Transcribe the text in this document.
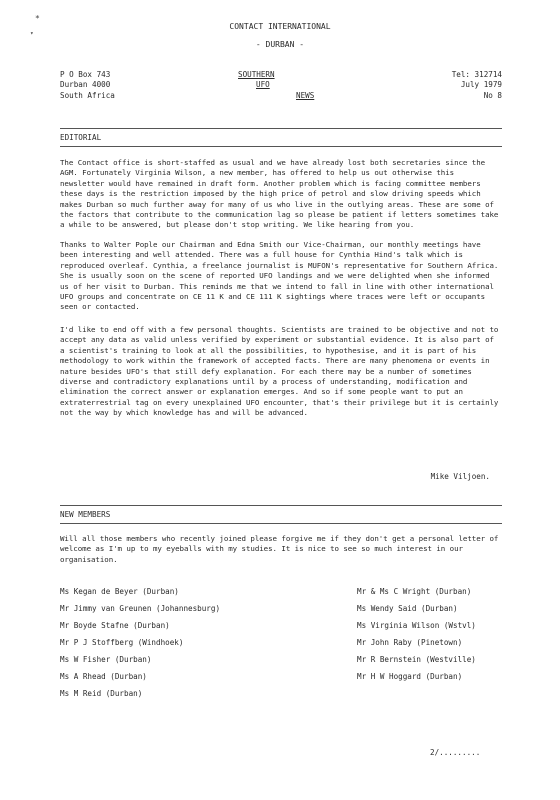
*
▾
CONTACT INTERNATIONAL
- DURBAN -
P O Box 743
Durban 4000
South Africa
SOUTHERN
UFO
NEWS
Tel: 312714
July 1979
No 8
EDITORIAL
The Contact office is short-staffed as usual and we have already lost both secretaries since the AGM. Fortunately Virginia Wilson, a new member, has offered to help us out otherwise this newsletter would have remained in draft form. Another problem which is facing committee members these days is the restriction imposed by the high price of petrol and slow driving speeds which makes Durban so much further away for many of us who live in the outlying areas. These are some of the factors that contribute to the communication lag so please be patient if letters sometimes take a while to be answered, but please don't stop writing. We like hearing from you.
Thanks to Walter Pople our Chairman and Edna Smith our Vice-Chairman, our monthly meetings have been interesting and well attended. There was a full house for Cynthia Hind's talk which is reproduced overleaf. Cynthia, a freelance journalist is MUFON's representative for Southern Africa. She is usually soon on the scene of reported UFO landings and we were delighted when she informed us of her visit to Durban. This reminds me that we intend to fall in line with other international UFO groups and concentrate on CE 11 K and CE 111 K sightings where traces were left or occupants seen or contacted.
I'd like to end off with a few personal thoughts. Scientists are trained to be objective and not to accept any data as valid unless verified by experiment or substantial evidence. It is also part of a scientist's training to look at all the possibilities, to hypothesise, and it is part of his methodology to work within the framework of accepted facts. There are many phenomena or events in nature besides UFO's that still defy explanation. For each there may be a number of sometimes diverse and contradictory explanations until by a process of understanding, modification and elimination the correct answer or explanation emerges. And so if some people want to put an extraterrestrial tag on every unexplained UFO encounter, that's their privilege but it is certainly not the way by which knowledge has and will be advanced.
Mike Viljoen.
NEW MEMBERS
Will all those members who recently joined please forgive me if they don't get a personal letter of welcome as I'm up to my eyeballs with my studies. It is nice to see so much interest in our organisation.
Ms Kegan de Beyer (Durban)
Mr Jimmy van Greunen (Johannesburg)
Mr Boyde Stafne (Durban)
Mr P J Stoffberg (Windhoek)
Ms W Fisher (Durban)
Ms A Rhead (Durban)
Ms M Reid (Durban)
Mr & Ms C Wright (Durban)
Ms Wendy Said (Durban)
Ms Virginia Wilson (Wstvl)
Mr John Raby (Pinetown)
Mr R Bernstein (Westville)
Mr H W Hoggard (Durban)
2/.........
